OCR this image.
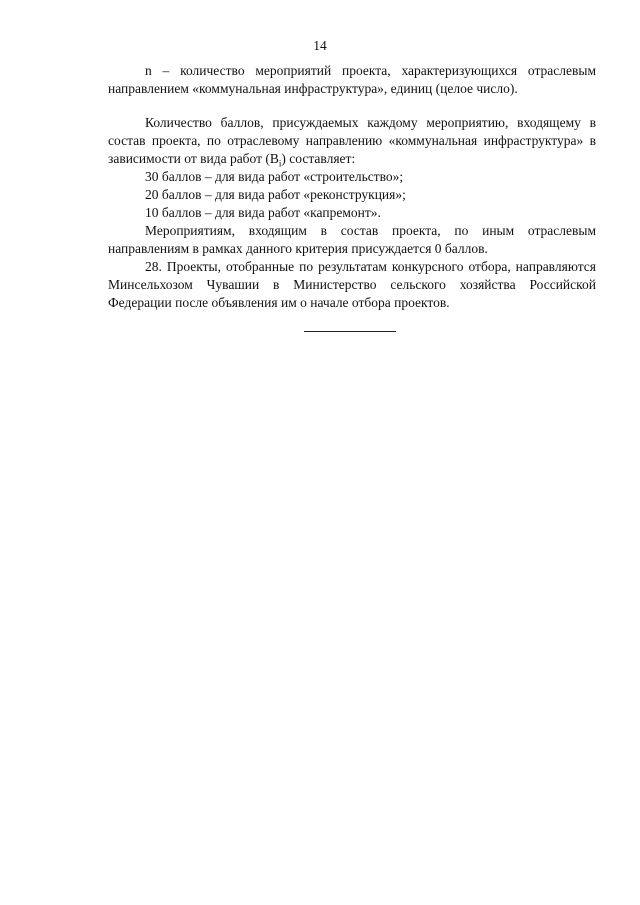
14

n – количество мероприятий проекта, характеризующихся отраслевым направлением «коммунальная инфраструктура», единиц (целое число).

Количество баллов, присуждаемых каждому мероприятию, входящему в состав проекта, по отраслевому направлению «коммунальная инфраструктура» в зависимости от вида работ $(В_i)$ составляет:

30 баллов – для вида работ «строительство»;

20 баллов – для вида работ «реконструкция»;

10 баллов – для вида работ «капремонт».

Мероприятиям, входящим в состав проекта, по иным отраслевым направлениям в рамках данного критерия присуждается 0 баллов.

28. Проекты, отобранные по результатам конкурсного отбора, направляются Минсельхозом Чувашии в Министерство сельского хозяйства Российской Федерации после объявления им о начале отбора проектов.
